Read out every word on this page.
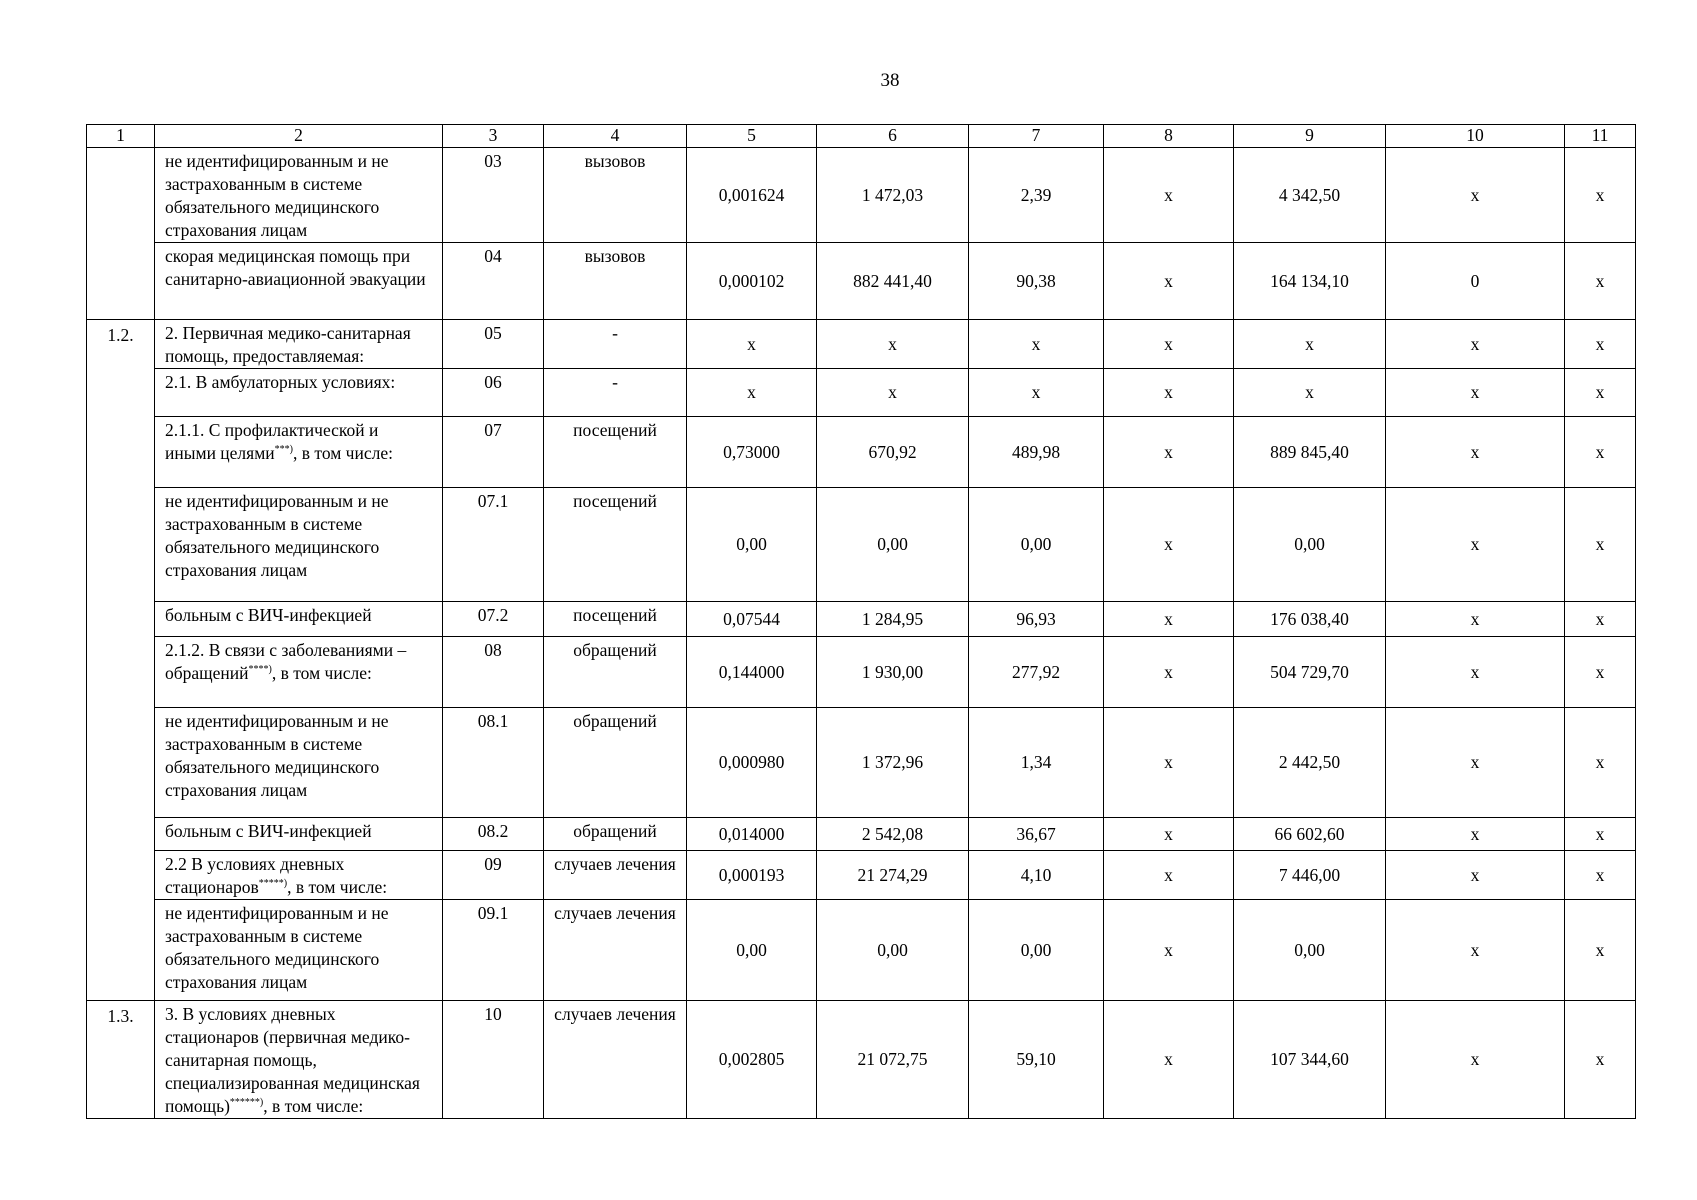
38
1	2	3	4	5	6	7	8	9	10	11
	не идентифицированным и не застрахованным в системе обязательного медицинского страхования лицам	03	вызовов	0,001624	1 472,03	2,39	x	4 342,50	x	x
	скорая медицинская помощь при санитарно-авиационной эвакуации	04	вызовов	0,000102	882 441,40	90,38	x	164 134,10	0	x
1.2.	2. Первичная медико-санитарная помощь, предоставляемая:	05	-	x	x	x	x	x	x	x
	2.1. В амбулаторных условиях:	06	-	x	x	x	x	x	x	x
	2.1.1. С профилактической и иными целями***), в том числе:	07	посещений	0,73000	670,92	489,98	x	889 845,40	x	x
	не идентифицированным и не застрахованным в системе обязательного медицинского страхования лицам	07.1	посещений	0,00	0,00	0,00	x	0,00	x	x
	больным с ВИЧ-инфекцией	07.2	посещений	0,07544	1 284,95	96,93	x	176 038,40	x	x
	2.1.2. В связи с заболеваниями – обращений****), в том числе:	08	обращений	0,144000	1 930,00	277,92	x	504 729,70	x	x
	не идентифицированным и не застрахованным в системе обязательного медицинского страхования лицам	08.1	обращений	0,000980	1 372,96	1,34	x	2 442,50	x	x
	больным с ВИЧ-инфекцией	08.2	обращений	0,014000	2 542,08	36,67	x	66 602,60	x	x
	2.2 В условиях дневных стационаров*****), в том числе:	09	случаев лечения	0,000193	21 274,29	4,10	x	7 446,00	x	x
	не идентифицированным и не застрахованным в системе обязательного медицинского страхования лицам	09.1	случаев лечения	0,00	0,00	0,00	x	0,00	x	x
1.3.	3. В условиях дневных стационаров (первичная медико-санитарная помощь, специализированная медицинская помощь)******), в том числе:	10	случаев лечения	0,002805	21 072,75	59,10	x	107 344,60	x	x
